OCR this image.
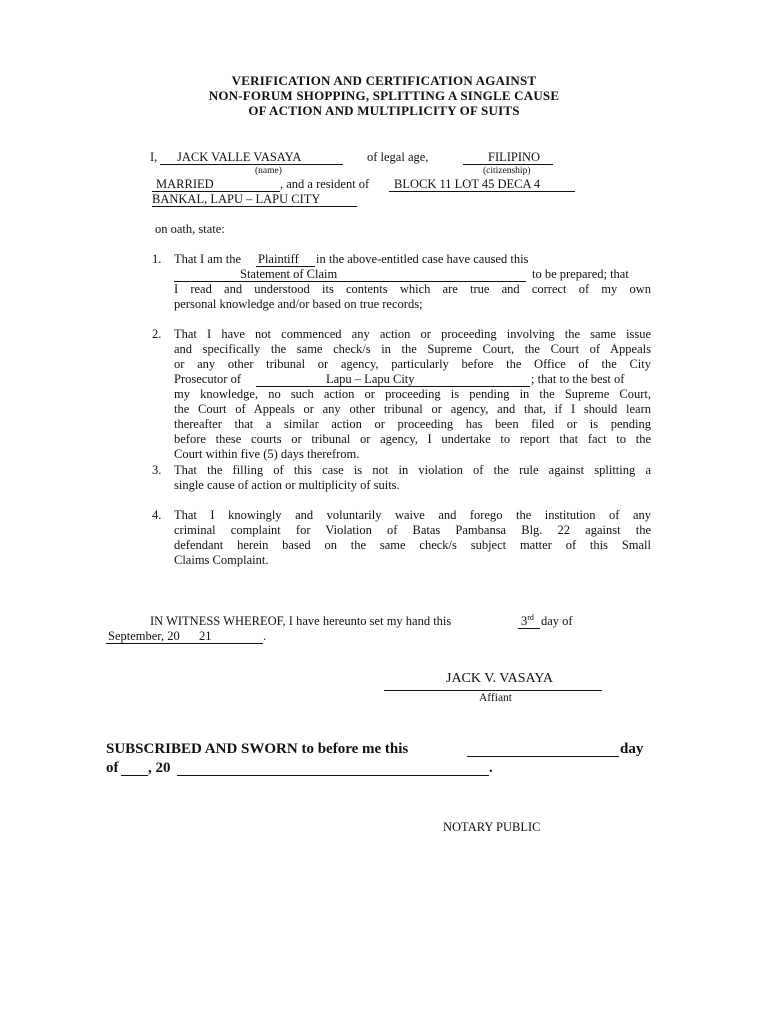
VERIFICATION AND CERTIFICATION AGAINST
NON-FORUM SHOPPING, SPLITTING A SINGLE CAUSE
OF ACTION AND MULTIPLICITY OF SUITS
I, JACK VALLE VASAYA	of legal age,	FILIPINO
(name)	(citizenship)
MARRIED	, and a resident of BLOCK 11 LOT 45 DECA 4
BANKAL, LAPU – LAPU CITY
on oath, state:
1. That I am the Plaintiff in the above-entitled case have caused this
Statement of Claim	to be prepared; that
I read and understood its contents which are true and correct of my own
personal knowledge and/or based on true records;
2. That I have not commenced any action or proceeding involving the same issue
and specifically the same check/s in the Supreme Court, the Court of Appeals
or any other tribunal or agency, particularly before the Office of the City
Prosecutor of	Lapu – Lapu City	; that to the best of
my knowledge, no such action or proceeding is pending in the Supreme Court,
the Court of Appeals or any other tribunal or agency, and that, if I should learn
thereafter that a similar action or proceeding has been filed or is pending
before these courts or tribunal or agency, I undertake to report that fact to the
Court within five (5) days therefrom.
3. That the filling of this case is not in violation of the rule against splitting a
single cause of action or multiplicity of suits.
4. That I knowingly and voluntarily waive and forego the institution of any
criminal complaint for Violation of Batas Pambansa Blg. 22 against the
defendant herein based on the same check/s subject matter of this Small
Claims Complaint.
IN WITNESS WHEREOF, I have hereunto set my hand this	3rd day of
September, 20 21	.
JACK V. VASAYA
Affiant
SUBSCRIBED AND SWORN to before me this	day
of , 20	.
NOTARY PUBLIC
